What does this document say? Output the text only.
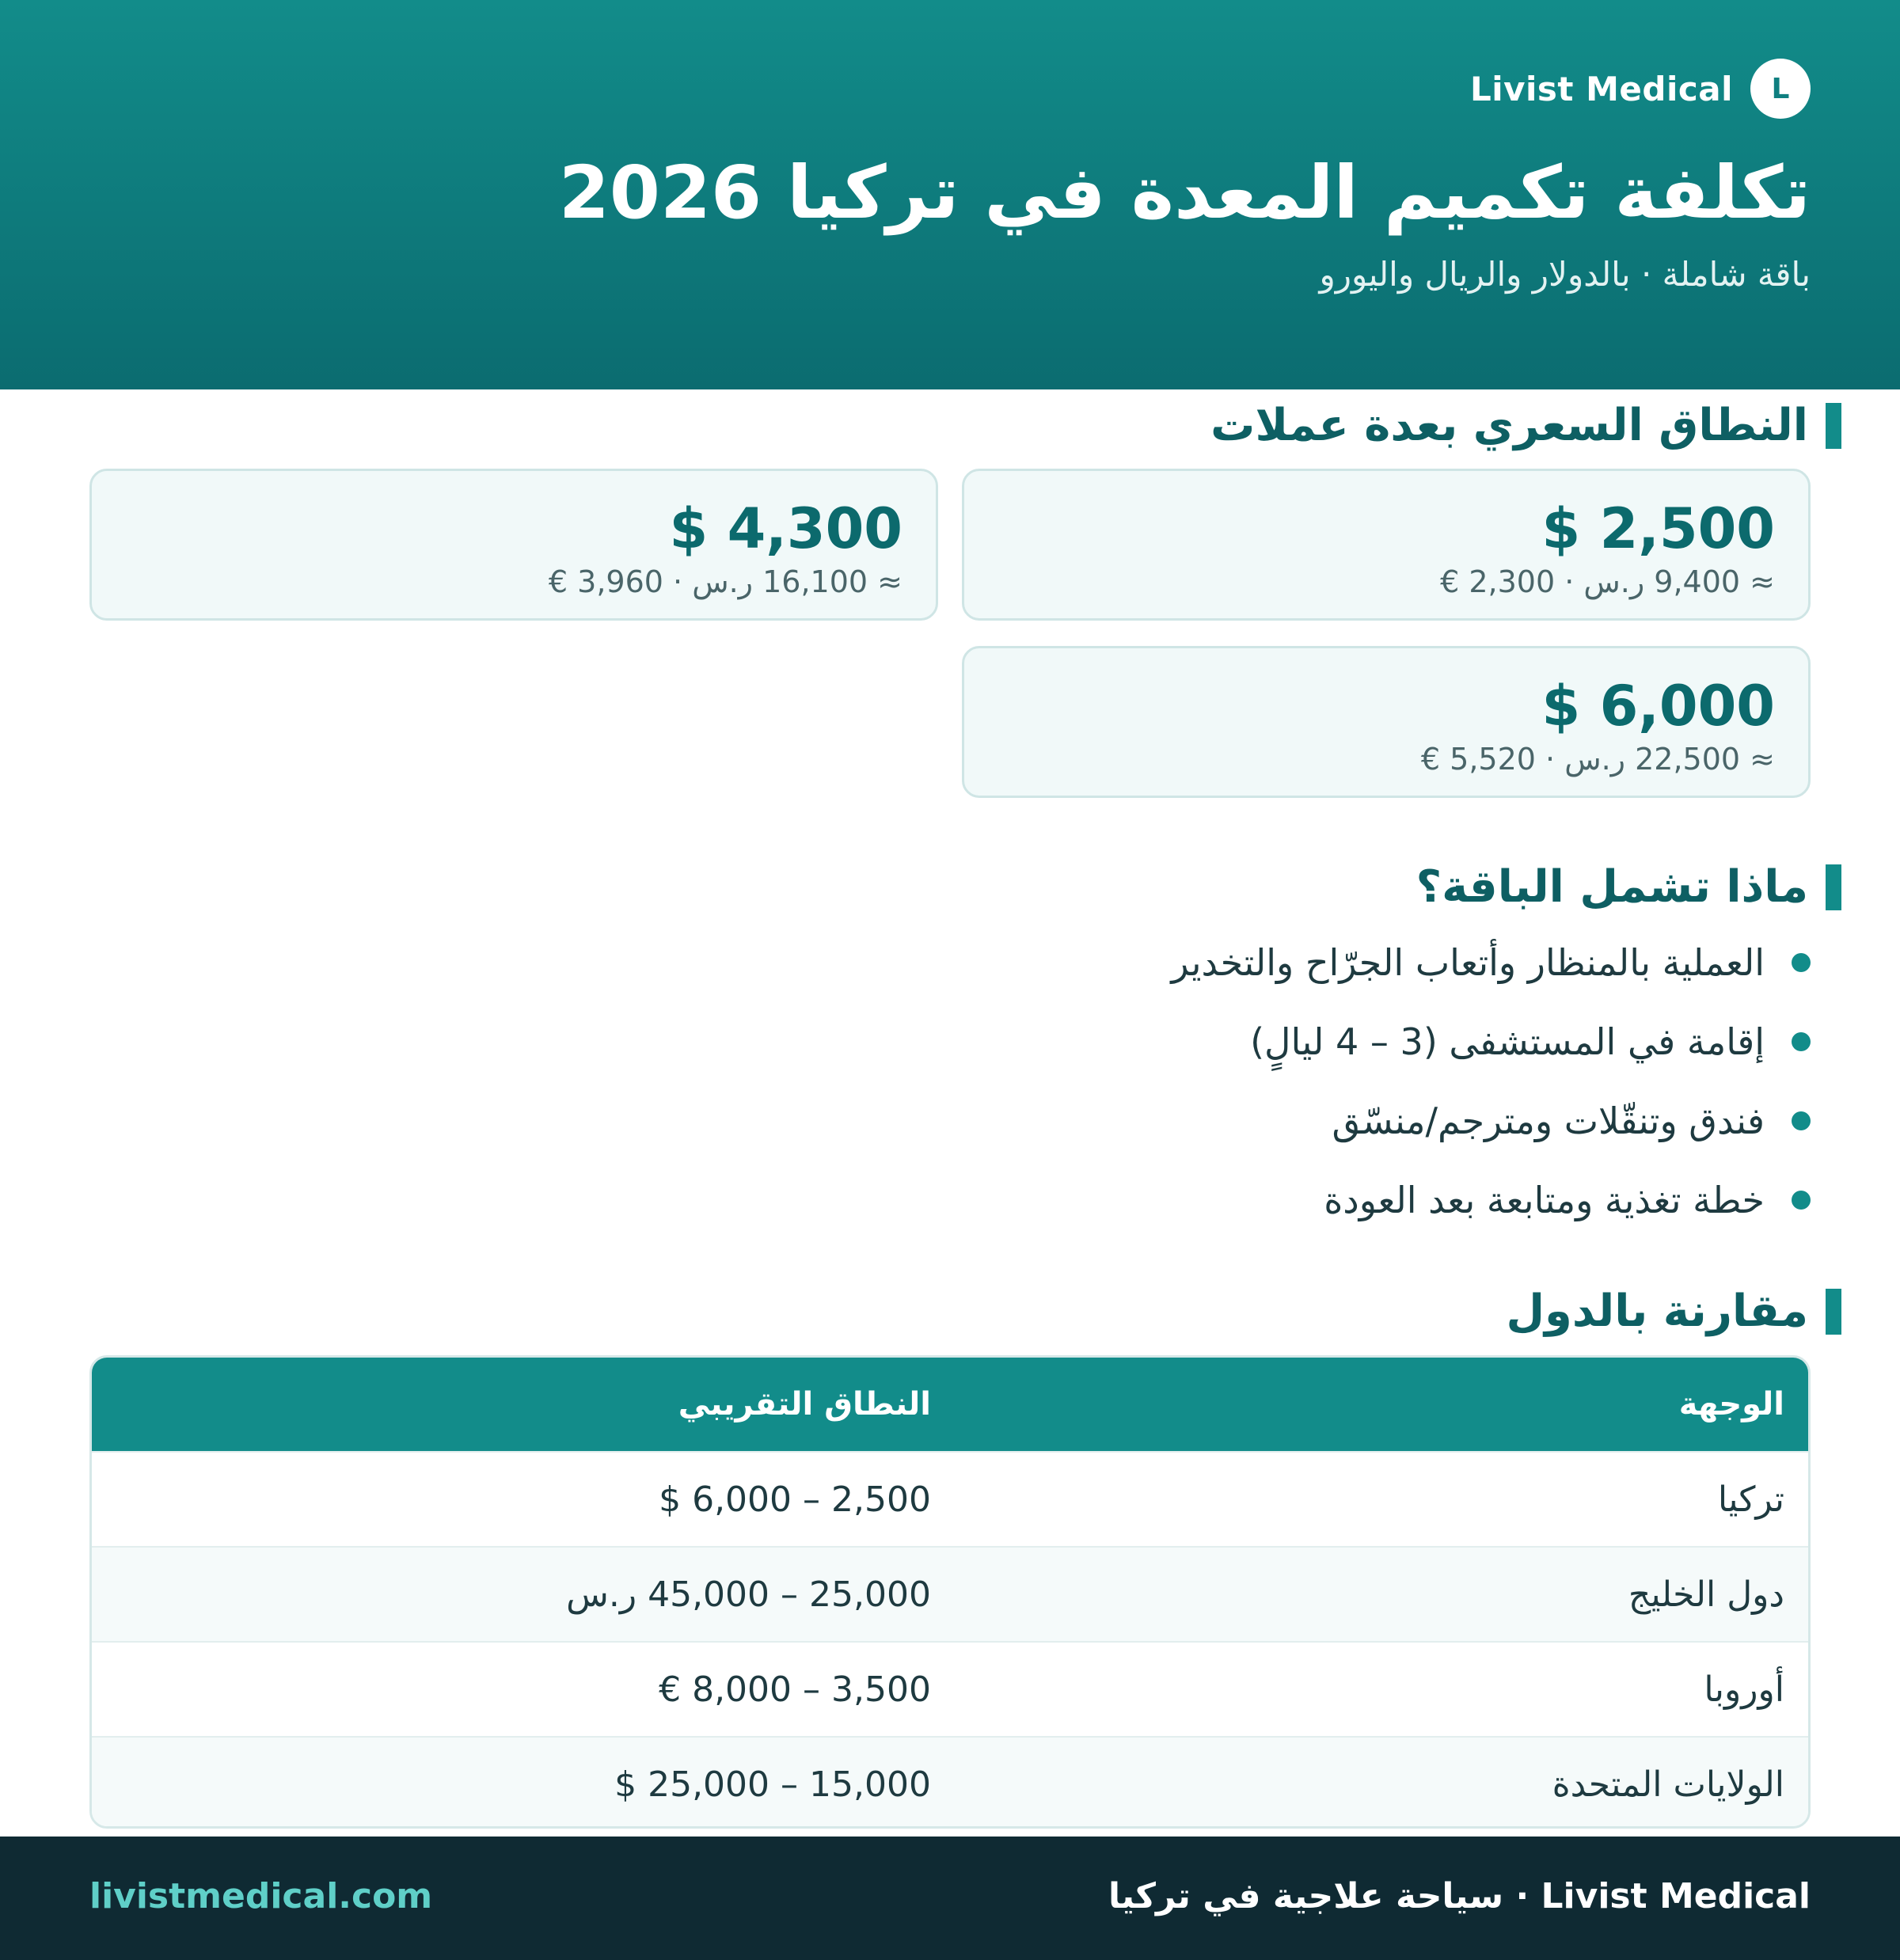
L
Livist Medical
تكلفة تكميم المعدة في تركيا 2026

باقة شاملة · بالدولار والريال واليورو

النطاق السعري بعدة عملات
$ 2,500
≈ 9,400 ر.س · 2,300 €
$ 4,300
≈ 16,100 ر.س · 3,960 €
$ 6,000
≈ 22,500 ر.س · 5,520 €
ماذا تشمل الباقة؟
العملية بالمنظار وأتعاب الجرّاح والتخدير
إقامة في المستشفى (3 – 4 ليالٍ)
فندق وتنقّلات ومترجم/منسّق
خطة تغذية ومتابعة بعد العودة
مقارنة بالدول
الوجهة
النطاق التقريبي
تركيا
2,500 – 6,000 $
دول الخليج
25,000 – 45,000 ر.س
أوروبا
3,500 – 8,000 €
الولايات المتحدة
15,000 – 25,000 $
Livist Medical · سياحة علاجية في تركيا
livistmedical.com
